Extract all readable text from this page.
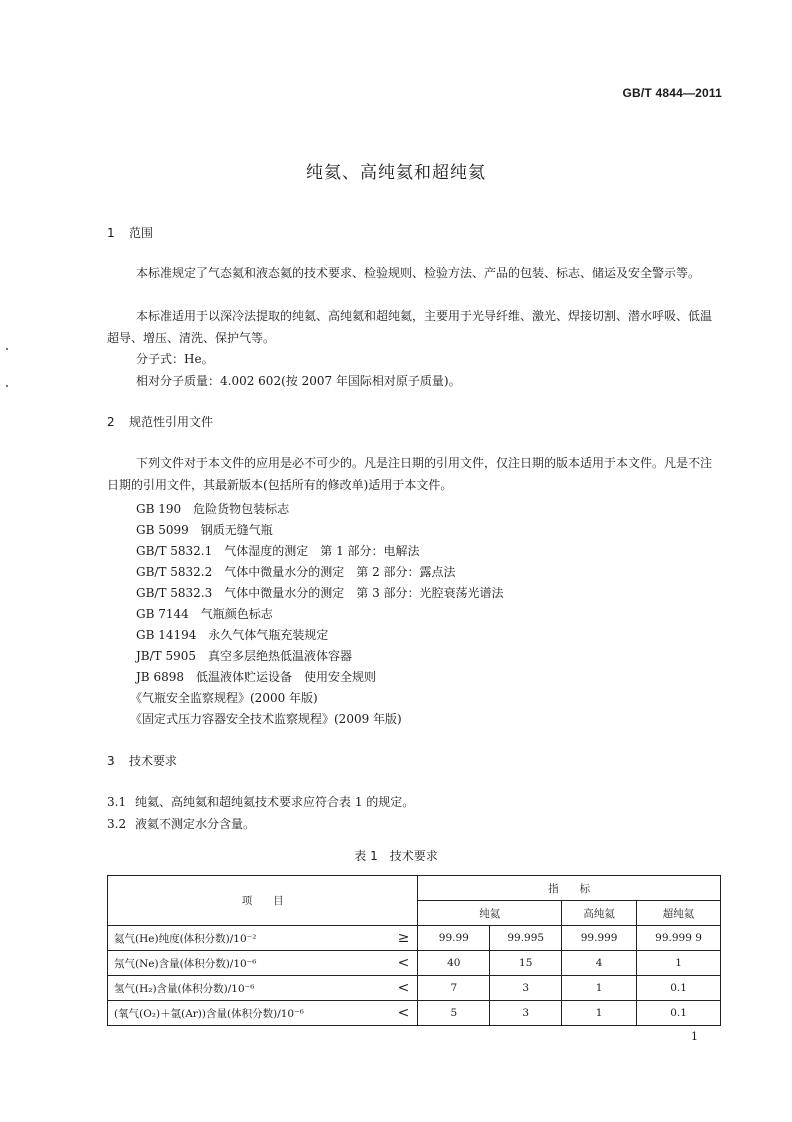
GB/T 4844—2011
纯氦、高纯氦和超纯氦
1 范围
本标准规定了气态氦和液态氦的技术要求、检验规则、检验方法、产品的包装、标志、储运及安全警示等。
本标准适用于以深冷法提取的纯氦、高纯氦和超纯氦，主要用于光导纤维、激光、焊接切割、潜水呼吸、低温超导、增压、清洗、保护气等。
分子式：He。
相对分子质量：4.002 602(按 2007 年国际相对原子质量)。
2 规范性引用文件
下列文件对于本文件的应用是必不可少的。凡是注日期的引用文件，仅注日期的版本适用于本文件。凡是不注日期的引用文件，其最新版本(包括所有的修改单)适用于本文件。
GB 190　危险货物包装标志
GB 5099　钢质无缝气瓶
GB/T 5832.1　气体湿度的测定　第 1 部分：电解法
GB/T 5832.2　气体中微量水分的测定　第 2 部分：露点法
GB/T 5832.3　气体中微量水分的测定　第 3 部分：光腔衰荡光谱法
GB 7144　气瓶颜色标志
GB 14194　永久气体气瓶充装规定
JB/T 5905　真空多层绝热低温液体容器
JB 6898　低温液体贮运设备　使用安全规则
《气瓶安全监察规程》(2000 年版)
《固定式压力容器安全技术监察规程》(2009 年版)
3 技术要求
3.1 纯氦、高纯氦和超纯氦技术要求应符合表 1 的规定。
3.2 液氦不测定水分含量。
表 1　技术要求
项　　目		指　　标			
		纯氦		高纯氦	超纯氦
氦气(He)纯度(体积分数)/10⁻²	≥	99.99	99.995	99.999	99.999 9
氖气(Ne)含量(体积分数)/10⁻⁶	<	40	15	4	1
氢气(H₂)含量(体积分数)/10⁻⁶	<	7	3	1	0.1
(氧气(O₂)＋氩(Ar))含量(体积分数)/10⁻⁶	<	5	3	1	0.1
1
